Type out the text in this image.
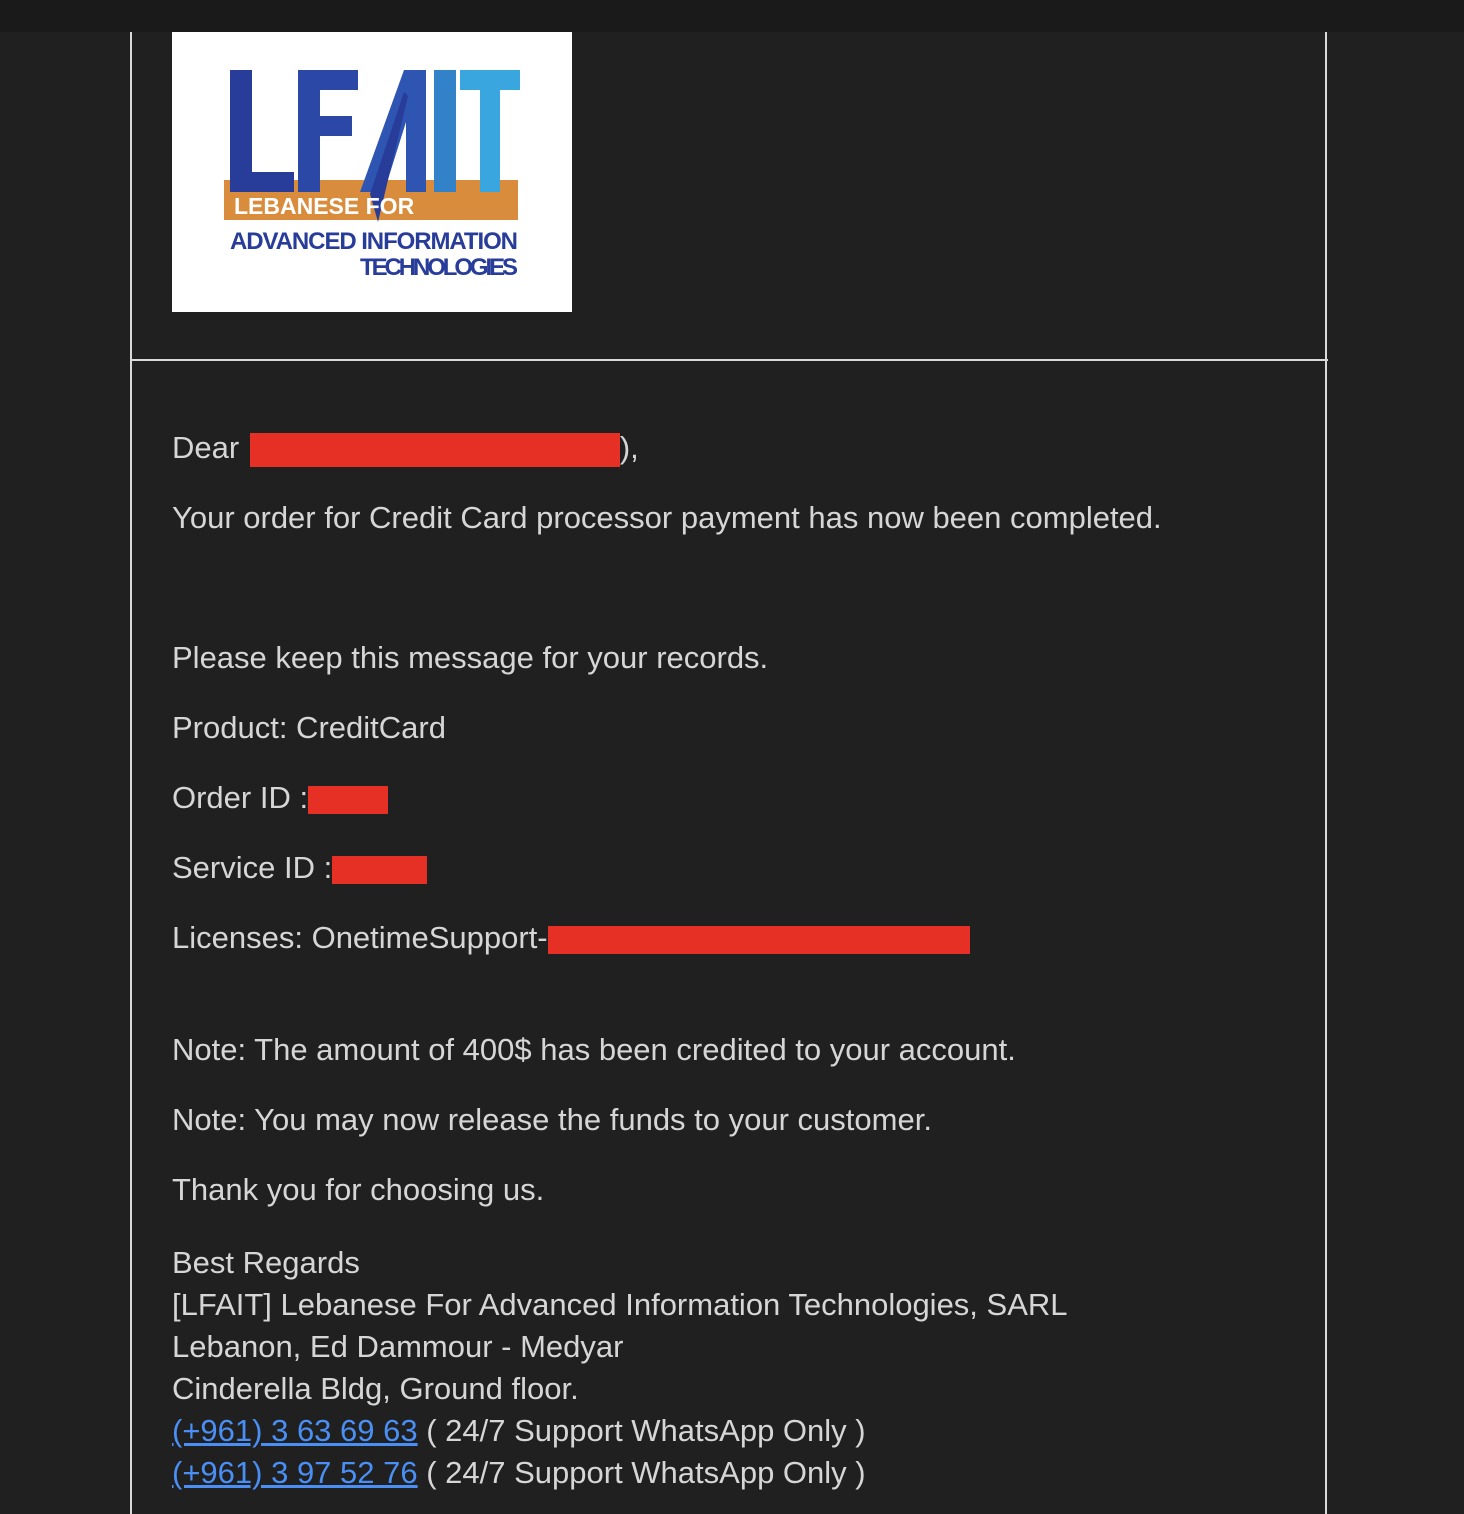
LEBANESE FOR
ADVANCED INFORMATION
TECHNOLOGIES
Dear	),
Your order for Credit Card processor payment has now been completed.
Please keep this message for your records.
Product: CreditCard
Order ID :
Service ID :
Licenses: OnetimeSupport-
Note: The amount of 400$ has been credited to your account.
Note: You may now release the funds to your customer.
Thank you for choosing us.
Best Regards
[LFAIT] Lebanese For Advanced Information Technologies, SARL
Lebanon, Ed Dammour - Medyar
Cinderella Bldg, Ground floor.
(+961) 3 63 69 63 ( 24/7 Support WhatsApp Only )
(+961) 3 97 52 76 ( 24/7 Support WhatsApp Only )
